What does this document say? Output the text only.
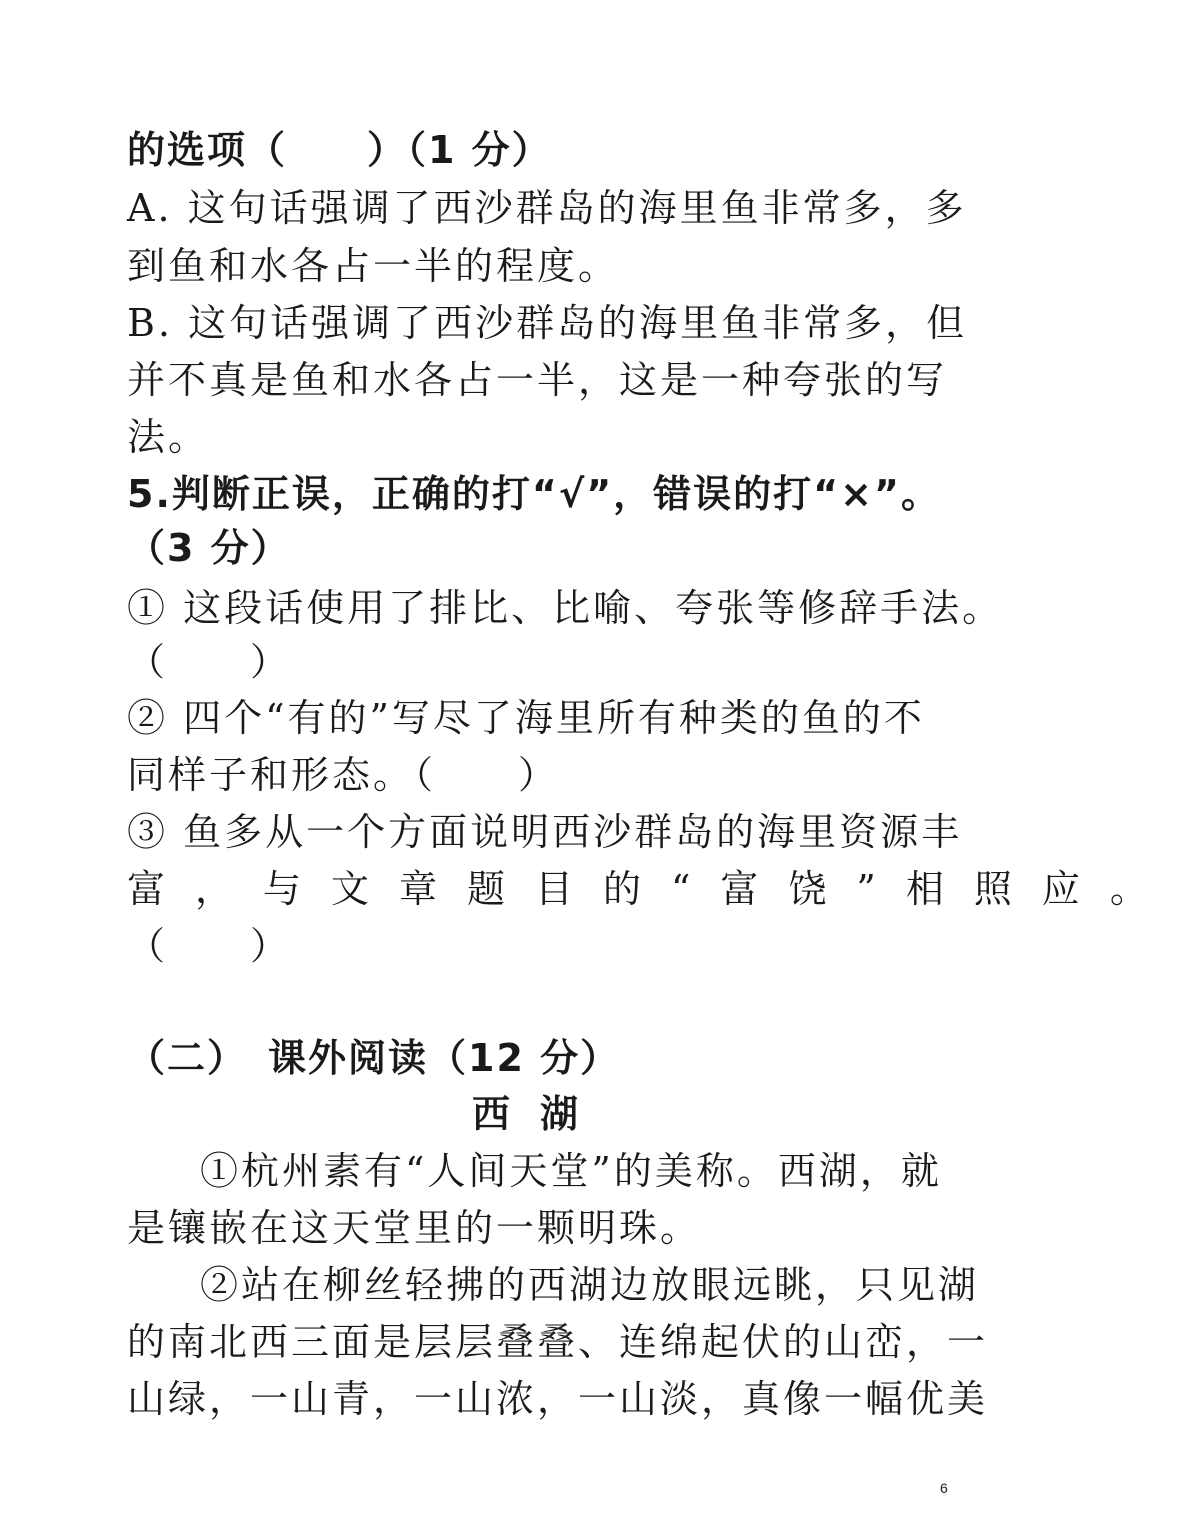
的选项（　　）（1 分）
A. 这句话强调了西沙群岛的海里鱼非常多，多
到鱼和水各占一半的程度。
B. 这句话强调了西沙群岛的海里鱼非常多，但
并不真是鱼和水各占一半，这是一种夸张的写
法。
5.判断正误，正确的打“√”，错误的打“×”。
（3 分）
① 这段话使用了排比、比喻、夸张等修辞手法。
（　　）
② 四个“有的”写尽了海里所有种类的鱼的不
同样子和形态。（　　）
③ 鱼多从一个方面说明西沙群岛的海里资源丰
富，与文章题目的“富饶”相照应。
（　　）
（二）　课外阅读（12 分）
西湖
①杭州素有“人间天堂”的美称。西湖，就
是镶嵌在这天堂里的一颗明珠。
②站在柳丝轻拂的西湖边放眼远眺，只见湖
的南北西三面是层层叠叠、连绵起伏的山峦，一
山绿，一山青，一山浓，一山淡，真像一幅优美
6
